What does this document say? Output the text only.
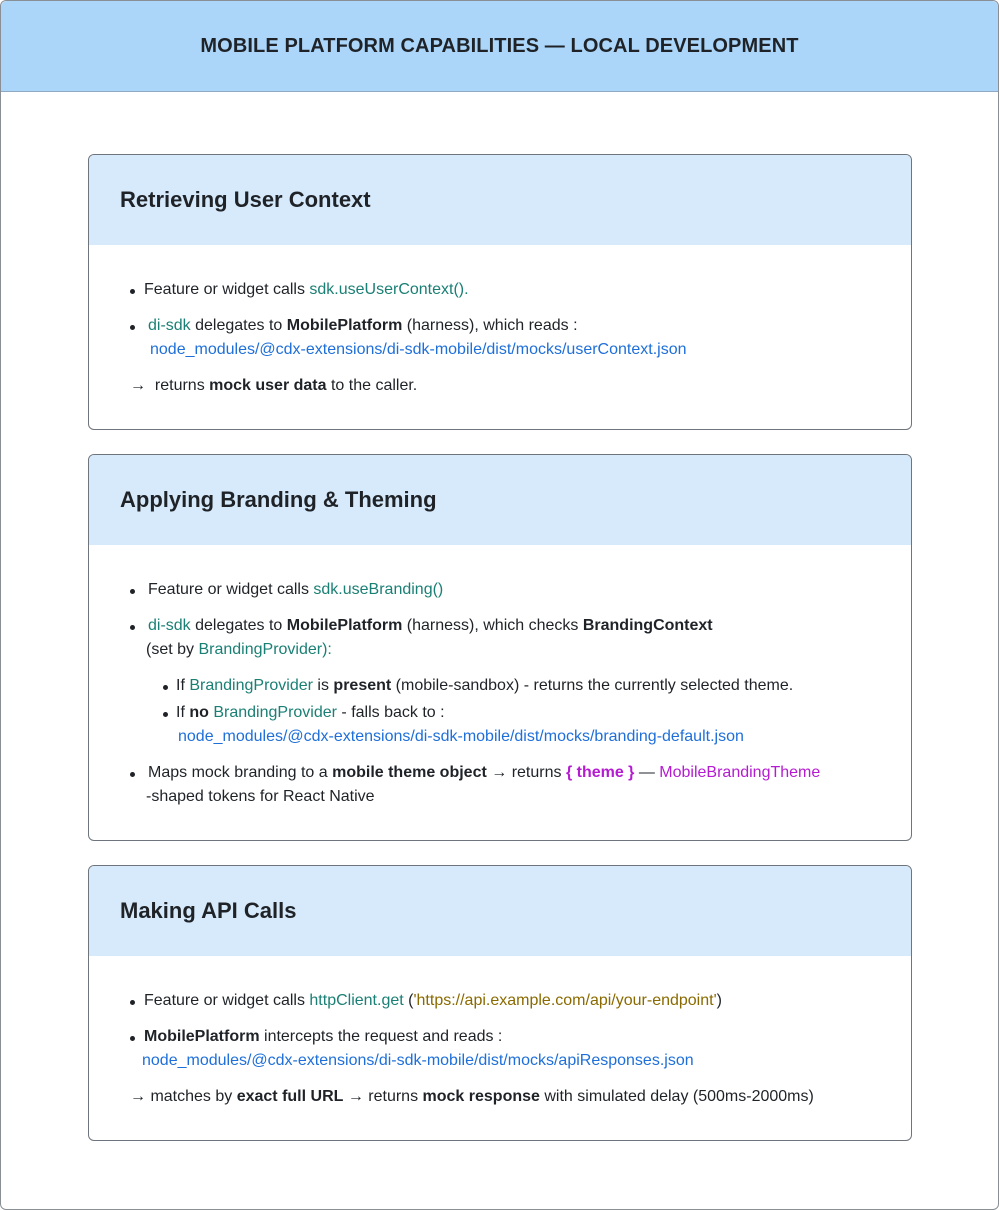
MOBILE PLATFORM CAPABILITIES — LOCAL DEVELOPMENT
Retrieving User Context
Feature or widget calls sdk.useUserContext().
di-sdk delegates to MobilePlatform (harness), which reads :
node_modules/@cdx-extensions/di-sdk-mobile/dist/mocks/userContext.json
→ returns mock user data to the caller.
Applying Branding & Theming
Feature or widget calls sdk.useBranding()
di-sdk delegates to MobilePlatform (harness), which checks BrandingContext
(set by BrandingProvider):
If BrandingProvider is present (mobile-sandbox) - returns the currently selected theme.
If no BrandingProvider - falls back to :
node_modules/@cdx-extensions/di-sdk-mobile/dist/mocks/branding-default.json
Maps mock branding to a mobile theme object → returns { theme } — MobileBrandingTheme
-shaped tokens for React Native
Making API Calls
Feature or widget calls httpClient.get ('https://api.example.com/api/your-endpoint')
MobilePlatform intercepts the request and reads :
node_modules/@cdx-extensions/di-sdk-mobile/dist/mocks/apiResponses.json
→ matches by exact full URL → returns mock response with simulated delay (500ms-2000ms)
